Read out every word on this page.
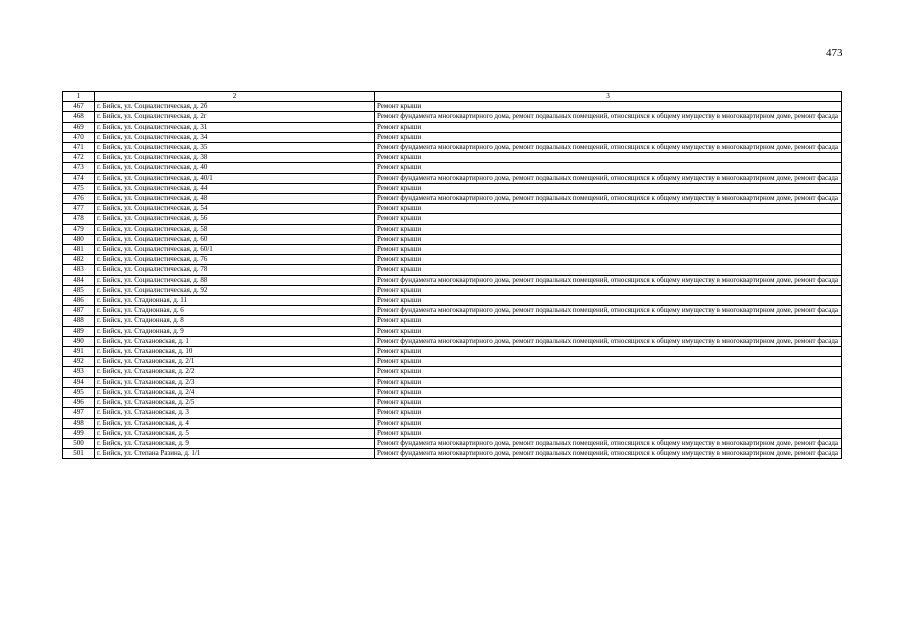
473
1	2	3
467	г. Бийск, ул. Социалистическая, д. 2б	Ремонт крыши
468	г. Бийск, ул. Социалистическая, д. 2г	Ремонт фундамента многоквартирного дома, ремонт подвальных помещений, относящихся к общему имуществу в многоквартирном доме, ремонт фасада
469	г. Бийск, ул. Социалистическая, д. 31	Ремонт крыши
470	г. Бийск, ул. Социалистическая, д. 34	Ремонт крыши
471	г. Бийск, ул. Социалистическая, д. 35	Ремонт фундамента многоквартирного дома, ремонт подвальных помещений, относящихся к общему имуществу в многоквартирном доме, ремонт фасада
472	г. Бийск, ул. Социалистическая, д. 38	Ремонт крыши
473	г. Бийск, ул. Социалистическая, д. 40	Ремонт крыши
474	г. Бийск, ул. Социалистическая, д. 40/1	Ремонт фундамента многоквартирного дома, ремонт подвальных помещений, относящихся к общему имуществу в многоквартирном доме, ремонт фасада
475	г. Бийск, ул. Социалистическая, д. 44	Ремонт крыши
476	г. Бийск, ул. Социалистическая, д. 48	Ремонт фундамента многоквартирного дома, ремонт подвальных помещений, относящихся к общему имуществу в многоквартирном доме, ремонт фасада
477	г. Бийск, ул. Социалистическая, д. 54	Ремонт крыши
478	г. Бийск, ул. Социалистическая, д. 56	Ремонт крыши
479	г. Бийск, ул. Социалистическая, д. 58	Ремонт крыши
480	г. Бийск, ул. Социалистическая, д. 60	Ремонт крыши
481	г. Бийск, ул. Социалистическая, д. 60/1	Ремонт крыши
482	г. Бийск, ул. Социалистическая, д. 76	Ремонт крыши
483	г. Бийск, ул. Социалистическая, д. 78	Ремонт крыши
484	г. Бийск, ул. Социалистическая, д. 88	Ремонт фундамента многоквартирного дома, ремонт подвальных помещений, относящихся к общему имуществу в многоквартирном доме, ремонт фасада
485	г. Бийск, ул. Социалистическая, д. 92	Ремонт крыши
486	г. Бийск, ул. Стадионная, д. 11	Ремонт крыши
487	г. Бийск, ул. Стадионная, д. 6	Ремонт фундамента многоквартирного дома, ремонт подвальных помещений, относящихся к общему имуществу в многоквартирном доме, ремонт фасада
488	г. Бийск, ул. Стадионная, д. 8	Ремонт крыши
489	г. Бийск, ул. Стадионная, д. 9	Ремонт крыши
490	г. Бийск, ул. Стахановская, д. 1	Ремонт фундамента многоквартирного дома, ремонт подвальных помещений, относящихся к общему имуществу в многоквартирном доме, ремонт фасада
491	г. Бийск, ул. Стахановская, д. 10	Ремонт крыши
492	г. Бийск, ул. Стахановская, д. 2/1	Ремонт крыши
493	г. Бийск, ул. Стахановская, д. 2/2	Ремонт крыши
494	г. Бийск, ул. Стахановская, д. 2/3	Ремонт крыши
495	г. Бийск, ул. Стахановская, д. 2/4	Ремонт крыши
496	г. Бийск, ул. Стахановская, д. 2/5	Ремонт крыши
497	г. Бийск, ул. Стахановская, д. 3	Ремонт крыши
498	г. Бийск, ул. Стахановская, д. 4	Ремонт крыши
499	г. Бийск, ул. Стахановская, д. 5	Ремонт крыши
500	г. Бийск, ул. Стахановская, д. 9	Ремонт фундамента многоквартирного дома, ремонт подвальных помещений, относящихся к общему имуществу в многоквартирном доме, ремонт фасада
501	г. Бийск, ул. Степана Разина, д. 1/1	Ремонт фундамента многоквартирного дома, ремонт подвальных помещений, относящихся к общему имуществу в многоквартирном доме, ремонт фасада
